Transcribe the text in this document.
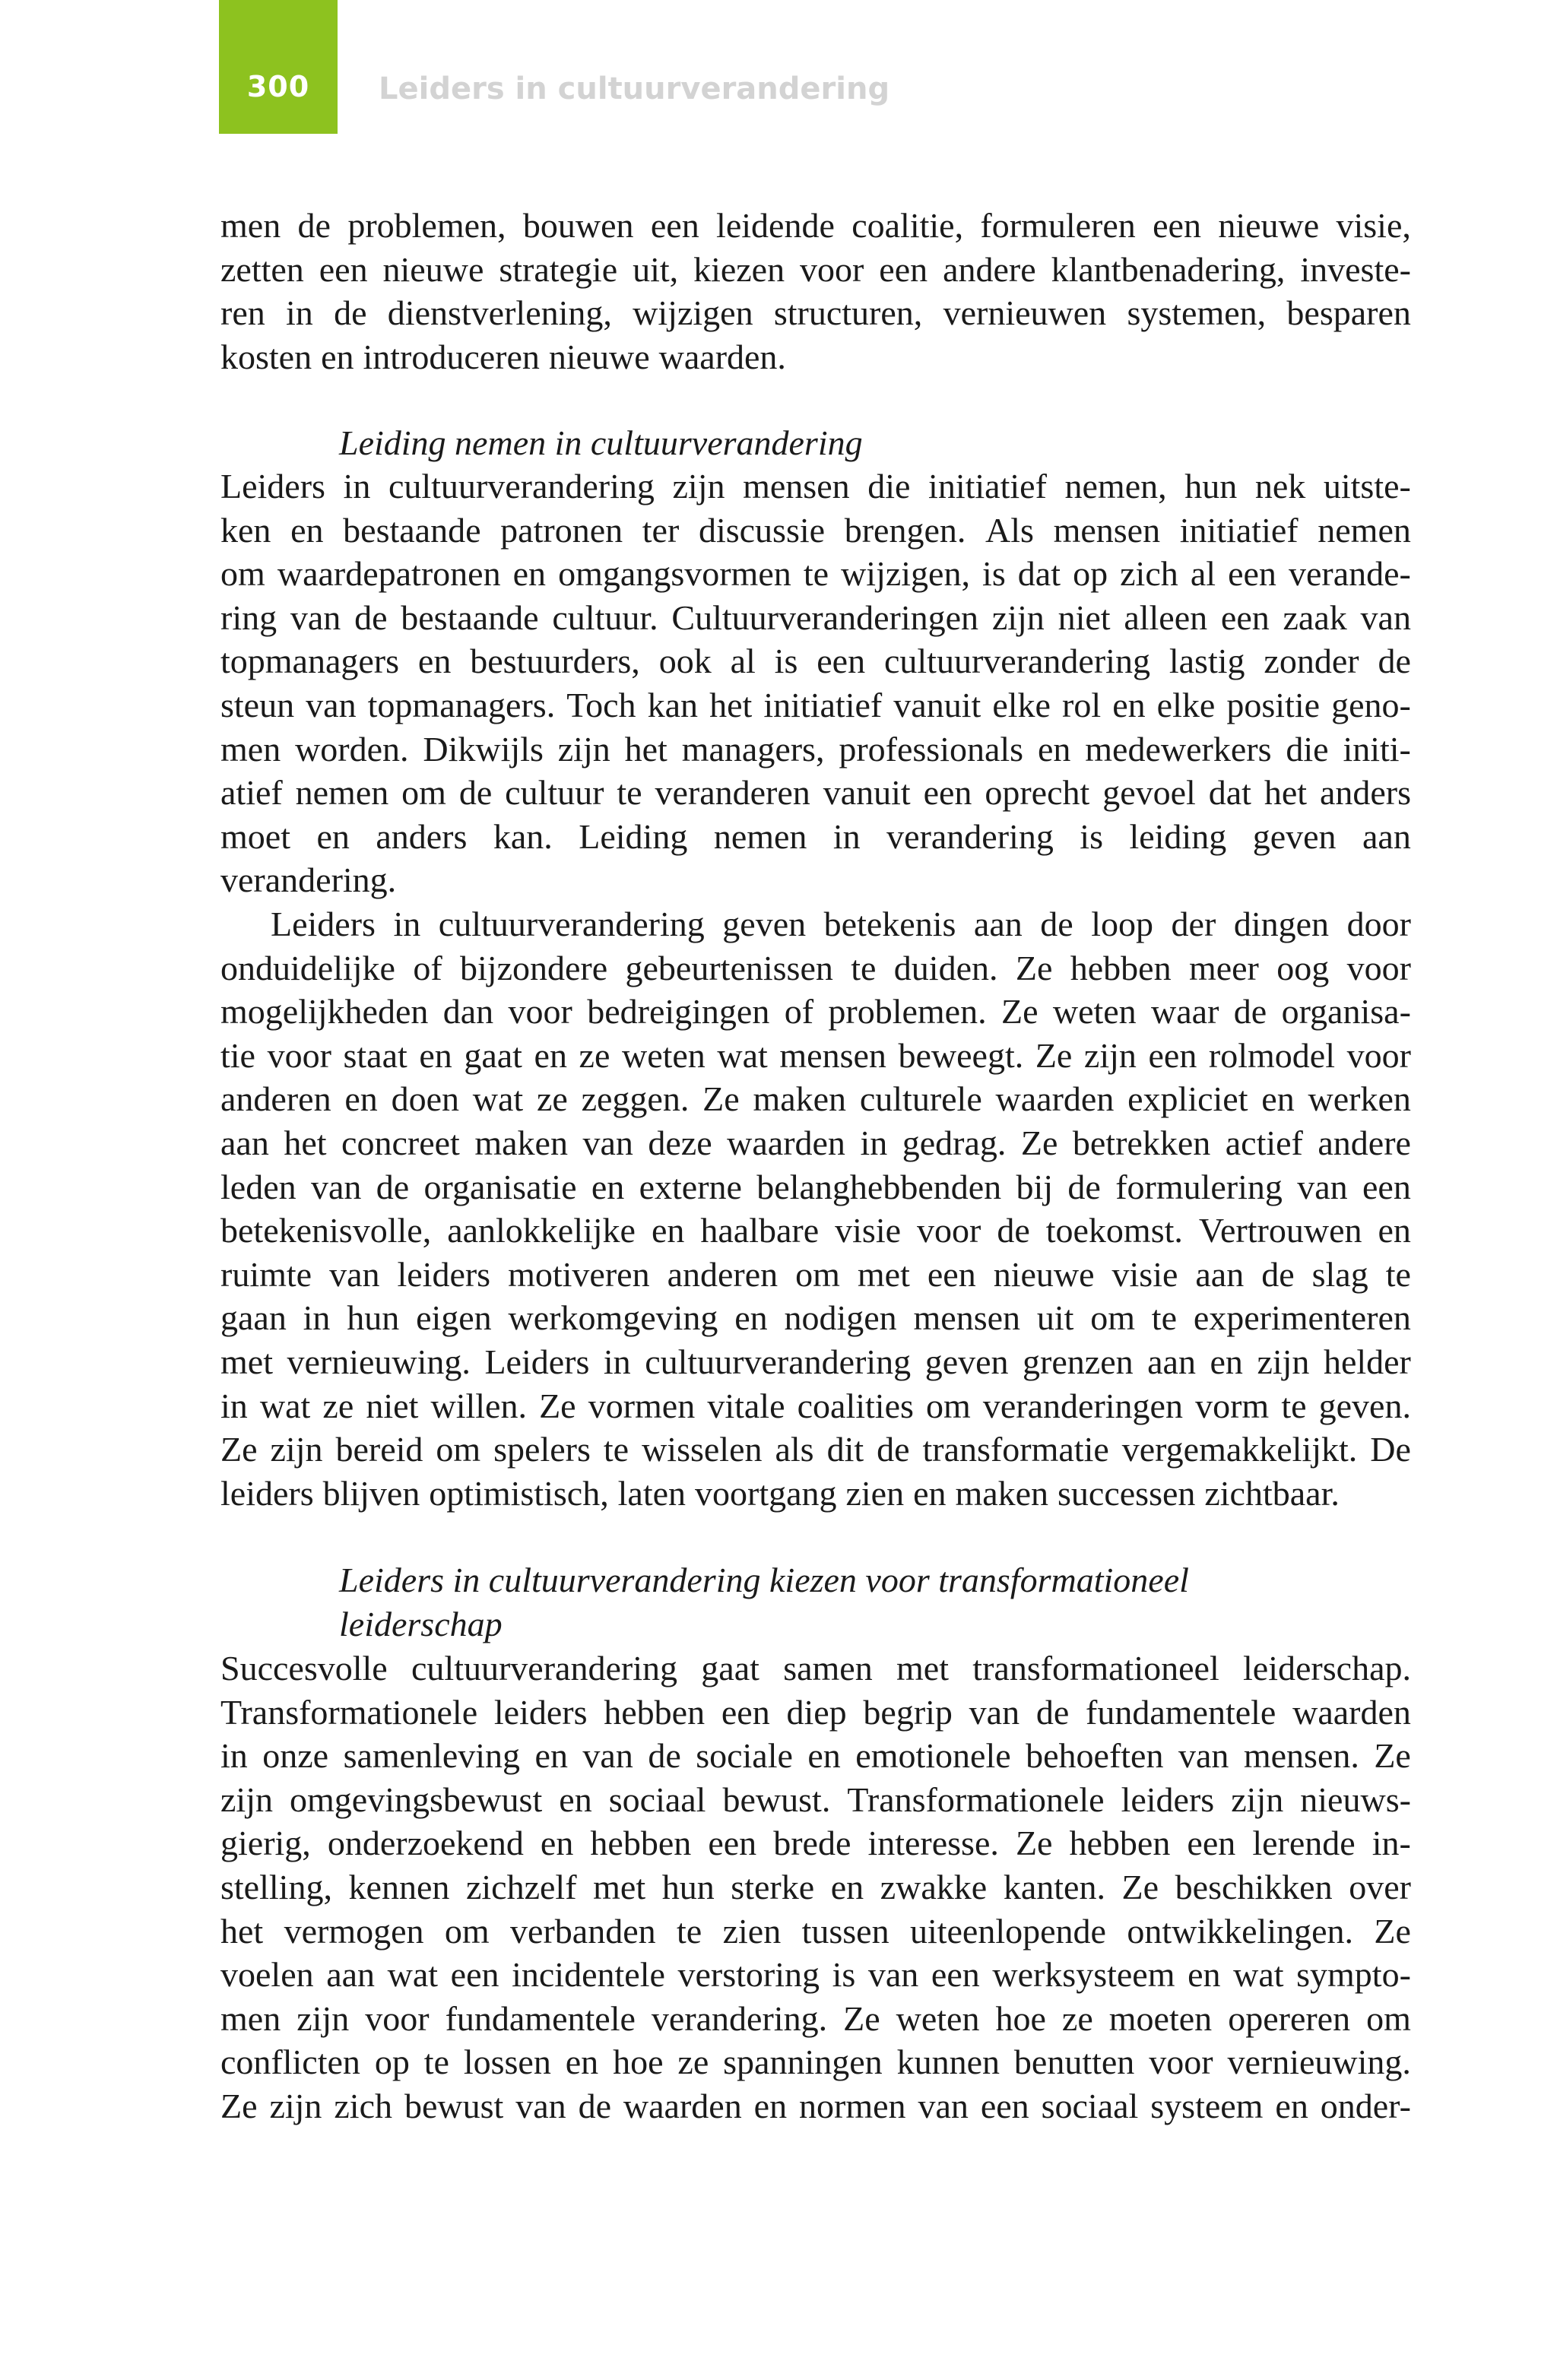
300	Leiders in cultuurverandering
men de problemen, bouwen een leidende coalitie, formuleren een nieuwe visie,
zetten een nieuwe strategie uit, kiezen voor een andere klantbenadering, investe-
ren in de dienstverlening, wijzigen structuren, vernieuwen systemen, besparen
kosten en introduceren nieuwe waarden.
Leiding nemen in cultuurverandering
Leiders in cultuurverandering zijn mensen die initiatief nemen, hun nek uitste-
ken en bestaande patronen ter discussie brengen. Als mensen initiatief nemen
om waardepatronen en omgangsvormen te wijzigen, is dat op zich al een verande-
ring van de bestaande cultuur. Cultuurveranderingen zijn niet alleen een zaak van
topmanagers en bestuurders, ook al is een cultuurverandering lastig zonder de
steun van topmanagers. Toch kan het initiatief vanuit elke rol en elke positie geno-
men worden. Dikwijls zijn het managers, professionals en medewerkers die initi-
atief nemen om de cultuur te veranderen vanuit een oprecht gevoel dat het anders
moet en anders kan. Leiding nemen in verandering is leiding geven aan
verandering.
Leiders in cultuurverandering geven betekenis aan de loop der dingen door
onduidelijke of bijzondere gebeurtenissen te duiden. Ze hebben meer oog voor
mogelijkheden dan voor bedreigingen of problemen. Ze weten waar de organisa-
tie voor staat en gaat en ze weten wat mensen beweegt. Ze zijn een rolmodel voor
anderen en doen wat ze zeggen. Ze maken culturele waarden expliciet en werken
aan het concreet maken van deze waarden in gedrag. Ze betrekken actief andere
leden van de organisatie en externe belanghebbenden bij de formulering van een
betekenisvolle, aanlokkelijke en haalbare visie voor de toekomst. Vertrouwen en
ruimte van leiders motiveren anderen om met een nieuwe visie aan de slag te
gaan in hun eigen werkomgeving en nodigen mensen uit om te experimenteren
met vernieuwing. Leiders in cultuurverandering geven grenzen aan en zijn helder
in wat ze niet willen. Ze vormen vitale coalities om veranderingen vorm te geven.
Ze zijn bereid om spelers te wisselen als dit de transformatie vergemakkelijkt. De
leiders blijven optimistisch, laten voortgang zien en maken successen zichtbaar.
Leiders in cultuurverandering kiezen voor transformationeel
leiderschap
Succesvolle cultuurverandering gaat samen met transformationeel leiderschap.
Transformationele leiders hebben een diep begrip van de fundamentele waarden
in onze samenleving en van de sociale en emotionele behoeften van mensen. Ze
zijn omgevingsbewust en sociaal bewust. Transformationele leiders zijn nieuws-
gierig, onderzoekend en hebben een brede interesse. Ze hebben een lerende in-
stelling, kennen zichzelf met hun sterke en zwakke kanten. Ze beschikken over
het vermogen om verbanden te zien tussen uiteenlopende ontwikkelingen. Ze
voelen aan wat een incidentele verstoring is van een werksysteem en wat sympto-
men zijn voor fundamentele verandering. Ze weten hoe ze moeten opereren om
conflicten op te lossen en hoe ze spanningen kunnen benutten voor vernieuwing.
Ze zijn zich bewust van de waarden en normen van een sociaal systeem en onder-
